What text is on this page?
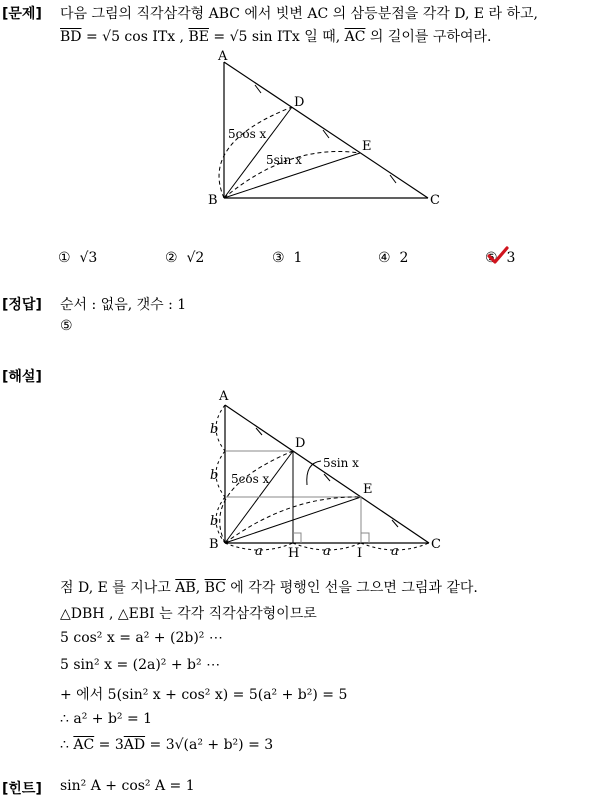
[문제] 다음 그림의 직각삼각형 ABC 에서 빗변 AC 의 삼등분점을 각각 D, E 라 하고,
$\overline{BD} = √5$ cos ITx , $\overline{BE} = √5$ sin ITx 일 때, $\overline{AC}$ 의 길이를 구하여라.
A
B	C
D
E
5cos x
5sin x
① √3	② √2	③ 1	④ 2	⑤ 3
[정답] 순서 : 없음, 갯수 : 1
⑤
[해설]
A
B	C
D
E
H	I
b
b
b
a	a	a
5cos x
5sin x
점 D, E 를 지나고 $\overline{AB}$, $\overline{BC}$ 에 각각 평행인 선을 그으면 그림과 같다.
△DBH , △EBI 는 각각 직각삼각형이므로
5 cos² x = a² + (2b)² ⋯
5 sin² x = (2a)² + b² ⋯
+ 에서 5(sin² x + cos² x) = 5(a² + b²) = 5
∴ a² + b² = 1
∴ $\overline{AC} = 3\overline{AD} = 3√(a^2 + b^2) = 3$
[힌트] sin² A + cos² A = 1
